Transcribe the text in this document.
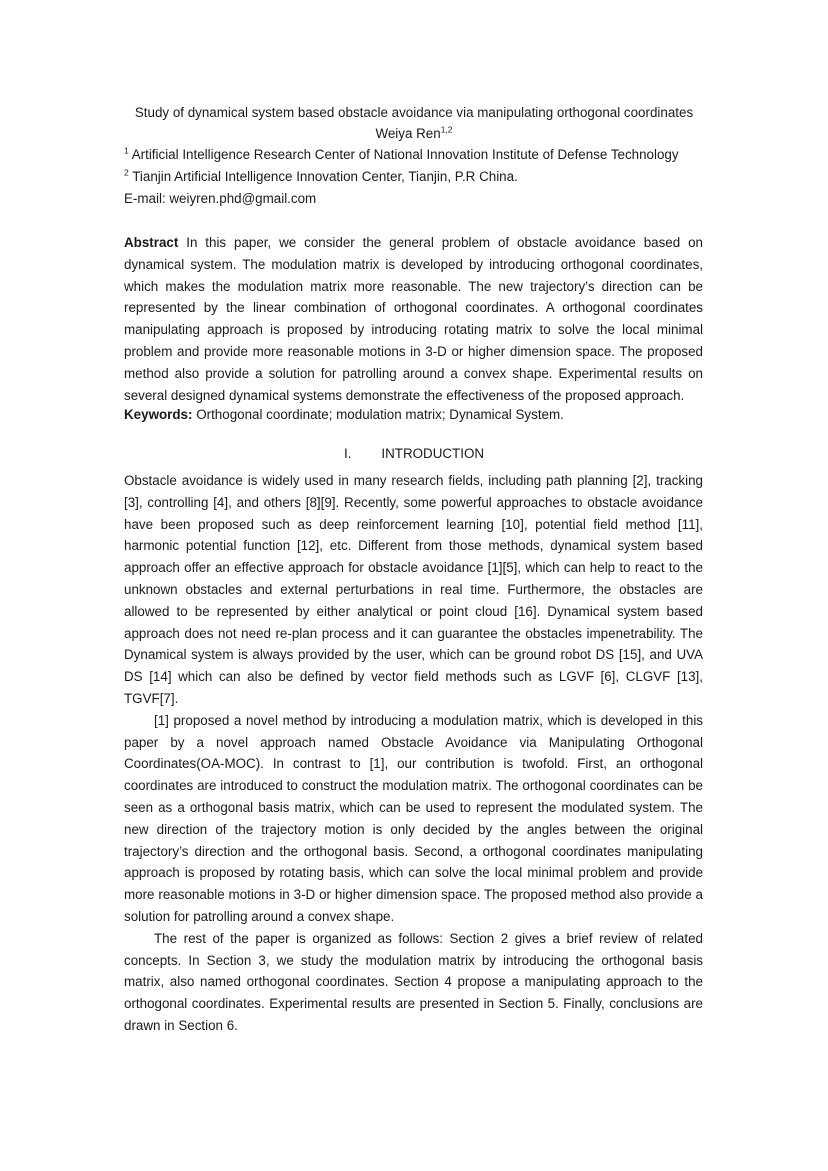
Study of dynamical system based obstacle avoidance via manipulating orthogonal coordinates
Weiya Ren$^{1,2}$
$^1$ Artificial Intelligence Research Center of National Innovation Institute of Defense Technology
$^2$ Tianjin Artificial Intelligence Innovation Center, Tianjin, P.R China.
E-mail: weiyren.phd@gmail.com
Abstract In this paper, we consider the general problem of obstacle avoidance based on dynamical system. The modulation matrix is developed by introducing orthogonal coordinates, which makes the modulation matrix more reasonable. The new trajectory’s direction can be represented by the linear combination of orthogonal coordinates. A orthogonal coordinates manipulating approach is proposed by introducing rotating matrix to solve the local minimal problem and provide more reasonable motions in 3-D or higher dimension space. The proposed method also provide a solution for patrolling around a convex shape. Experimental results on several designed dynamical systems demonstrate the effectiveness of the proposed approach.
Keywords: Orthogonal coordinate; modulation matrix; Dynamical System.
I. INTRODUCTION

Obstacle avoidance is widely used in many research fields, including path planning [2], tracking [3], controlling [4], and others [8][9]. Recently, some powerful approaches to obstacle avoidance have been proposed such as deep reinforcement learning [10], potential field method [11], harmonic potential function [12], etc. Different from those methods, dynamical system based approach offer an effective approach for obstacle avoidance [1][5], which can help to react to the unknown obstacles and external perturbations in real time. Furthermore, the obstacles are allowed to be represented by either analytical or point cloud [16]. Dynamical system based approach does not need re-plan process and it can guarantee the obstacles impenetrability. The Dynamical system is always provided by the user, which can be ground robot DS [15], and UVA DS [14] which can also be defined by vector field methods such as LGVF [6], CLGVF [13], TGVF[7].

[1] proposed a novel method by introducing a modulation matrix, which is developed in this paper by a novel approach named Obstacle Avoidance via Manipulating Orthogonal Coordinates(OA-MOC). In contrast to [1], our contribution is twofold. First, an orthogonal coordinates are introduced to construct the modulation matrix. The orthogonal coordinates can be seen as a orthogonal basis matrix, which can be used to represent the modulated system. The new direction of the trajectory motion is only decided by the angles between the original trajectory’s direction and the orthogonal basis. Second, a orthogonal coordinates manipulating approach is proposed by rotating basis, which can solve the local minimal problem and provide more reasonable motions in 3-D or higher dimension space. The proposed method also provide a solution for patrolling around a convex shape.

The rest of the paper is organized as follows: Section 2 gives a brief review of related concepts. In Section 3, we study the modulation matrix by introducing the orthogonal basis matrix, also named orthogonal coordinates. Section 4 propose a manipulating approach to the orthogonal coordinates. Experimental results are presented in Section 5. Finally, conclusions are drawn in Section 6.
